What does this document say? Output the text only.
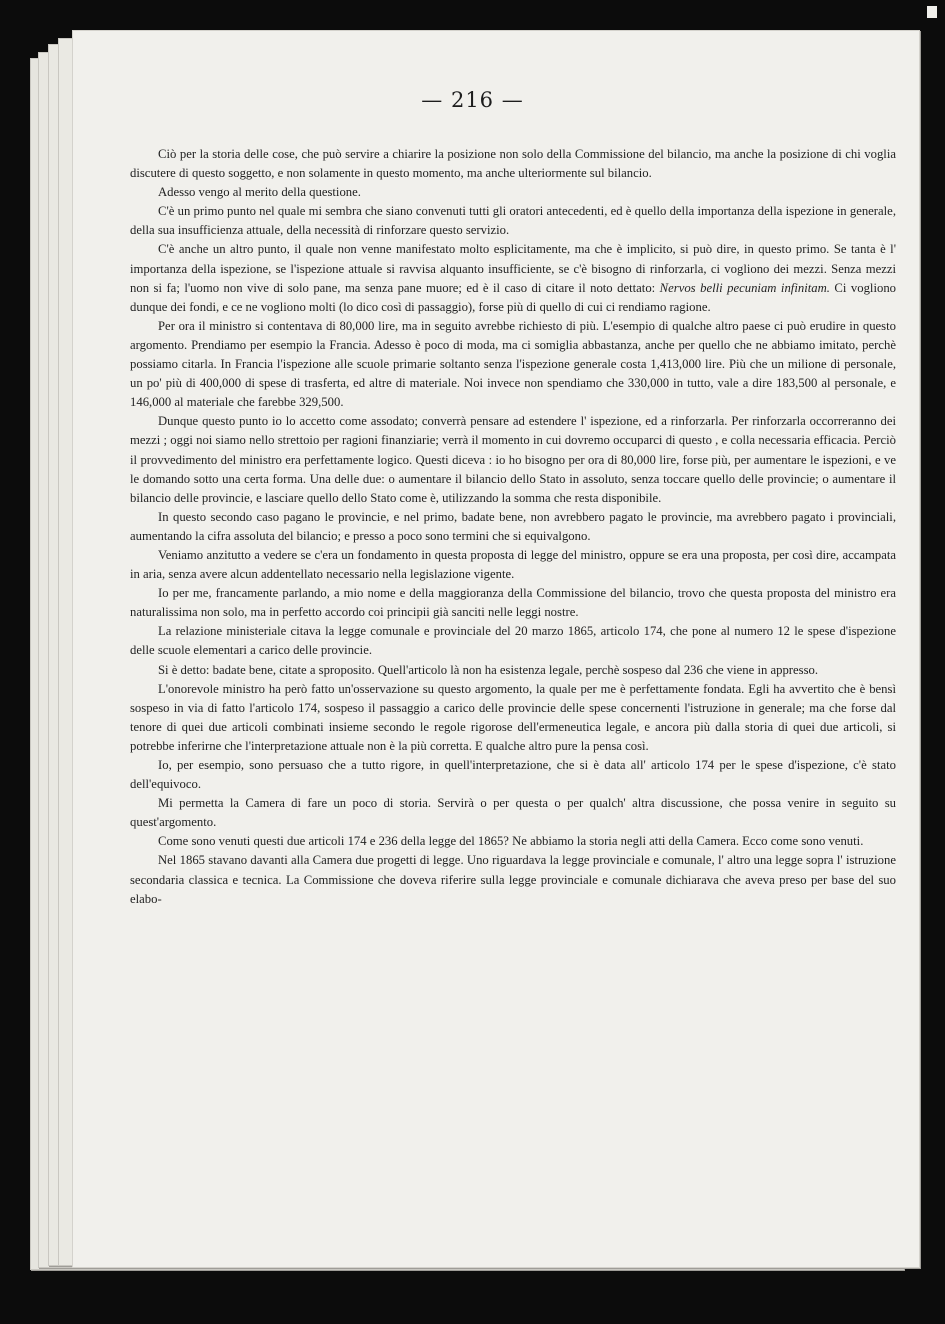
— 216 —

Ciò per la storia delle cose, che può servire a chiarire la posizione non solo della Commissione del bilancio, ma anche la posizione di chi voglia discutere di questo soggetto, e non solamente in questo momento, ma anche ulteriormente sul bilancio.

Adesso vengo al merito della questione.

C'è un primo punto nel quale mi sembra che siano convenuti tutti gli oratori antecedenti, ed è quello della importanza della ispezione in generale, della sua insufficienza attuale, della necessità di rinforzare questo servizio.

C'è anche un altro punto, il quale non venne manifestato molto esplicitamente, ma che è implicito, si può dire, in questo primo. Se tanta è l' importanza della ispezione, se l'ispezione attuale si ravvisa alquanto insufficiente, se c'è bisogno di rinforzarla, ci vogliono dei mezzi. Senza mezzi non si fa; l'uomo non vive di solo pane, ma senza pane muore; ed è il caso di citare il noto dettato: Nervos belli pecuniam infinitam. Ci vogliono dunque dei fondi, e ce ne vogliono molti (lo dico così di passaggio), forse più di quello di cui ci rendiamo ragione.

Per ora il ministro si contentava di 80,000 lire, ma in seguito avrebbe richiesto di più. L'esempio di qualche altro paese ci può erudire in questo argomento. Prendiamo per esempio la Francia. Adesso è poco di moda, ma ci somiglia abbastanza, anche per quello che ne abbiamo imitato, perchè possiamo citarla. In Francia l'ispezione alle scuole primarie soltanto senza l'ispezione generale costa 1,413,000 lire. Più che un milione di personale, un po' più di 400,000 di spese di trasferta, ed altre di materiale. Noi invece non spendiamo che 330,000 in tutto, vale a dire 183,500 al personale, e 146,000 al materiale che farebbe 329,500.

Dunque questo punto io lo accetto come assodato; converrà pensare ad estendere l' ispezione, ed a rinforzarla. Per rinforzarla occorreranno dei mezzi ; oggi noi siamo nello strettoio per ragioni finanziarie; verrà il momento in cui dovremo occuparci di questo , e colla necessaria efficacia. Perciò il provvedimento del ministro era perfettamente logico. Questi diceva : io ho bisogno per ora di 80,000 lire, forse più, per aumentare le ispezioni, e ve le domando sotto una certa forma. Una delle due: o aumentare il bilancio dello Stato in assoluto, senza toccare quello delle provincie; o aumentare il bilancio delle provincie, e lasciare quello dello Stato come è, utilizzando la somma che resta disponibile.

In questo secondo caso pagano le provincie, e nel primo, badate bene, non avrebbero pagato le provincie, ma avrebbero pagato i provinciali, aumentando la cifra assoluta del bilancio; e presso a poco sono termini che si equivalgono.

Veniamo anzitutto a vedere se c'era un fondamento in questa proposta di legge del ministro, oppure se era una proposta, per così dire, accampata in aria, senza avere alcun addentellato necessario nella legislazione vigente.

Io per me, francamente parlando, a mio nome e della maggioranza della Commissione del bilancio, trovo che questa proposta del ministro era naturalissima non solo, ma in perfetto accordo coi principii già sanciti nelle leggi nostre.

La relazione ministeriale citava la legge comunale e provinciale del 20 marzo 1865, articolo 174, che pone al numero 12 le spese d'ispezione delle scuole elementari a carico delle provincie.

Si è detto: badate bene, citate a sproposito. Quell'articolo là non ha esistenza legale, perchè sospeso dal 236 che viene in appresso.

L'onorevole ministro ha però fatto un'osservazione su questo argomento, la quale per me è perfettamente fondata. Egli ha avvertito che è bensì sospeso in via di fatto l'articolo 174, sospeso il passaggio a carico delle provincie delle spese concernenti l'istruzione in generale; ma che forse dal tenore di quei due articoli combinati insieme secondo le regole rigorose dell'ermeneutica legale, e ancora più dalla storia di quei due articoli, si potrebbe inferirne che l'interpretazione attuale non è la più corretta. E qualche altro pure la pensa così.

Io, per esempio, sono persuaso che a tutto rigore, in quell'interpretazione, che si è data all' articolo 174 per le spese d'ispezione, c'è stato dell'equivoco.

Mi permetta la Camera di fare un poco di storia. Servirà o per questa o per qualch' altra discussione, che possa venire in seguito su quest'argomento.

Come sono venuti questi due articoli 174 e 236 della legge del 1865? Ne abbiamo la storia negli atti della Camera. Ecco come sono venuti.

Nel 1865 stavano davanti alla Camera due progetti di legge. Uno riguardava la legge provinciale e comunale, l' altro una legge sopra l' istruzione secondaria classica e tecnica. La Commissione che doveva riferire sulla legge provinciale e comunale dichiarava che aveva preso per base del suo elabo-
